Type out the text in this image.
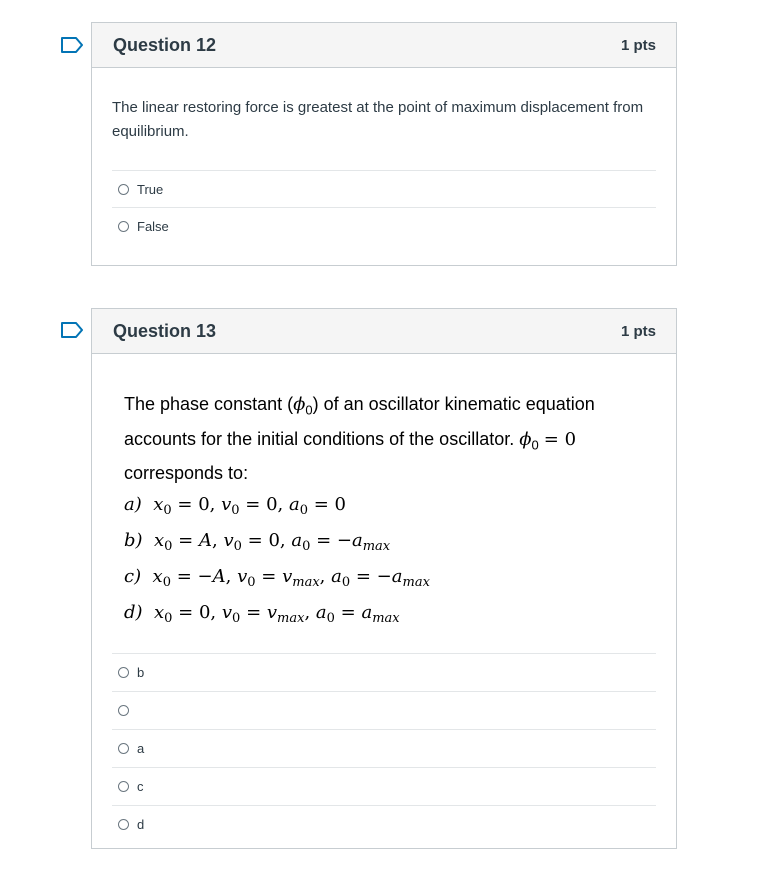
Question 12	1 pts
The linear restoring force is greatest at the point of maximum displacement from equilibrium.
True
False
Question 13	1 pts
The phase constant $(\phi_0)$ of an oscillator kinematic equation accounts for the initial conditions of the oscillator. $\phi_0 = 0$ corresponds to:
a)  $x_0 = 0$, $v_0 = 0$, $a_0 = 0$
b)  $x_0 = A$, $v_0 = 0$, $a_0 = -a_{max}$
c)  $x_0 = -A$, $v_0 = v_{max}$, $a_0 = -a_{max}$
d)  $x_0 = 0$, $v_0 = v_{max}$, $a_0 = a_{max}$
b
a
c
d
